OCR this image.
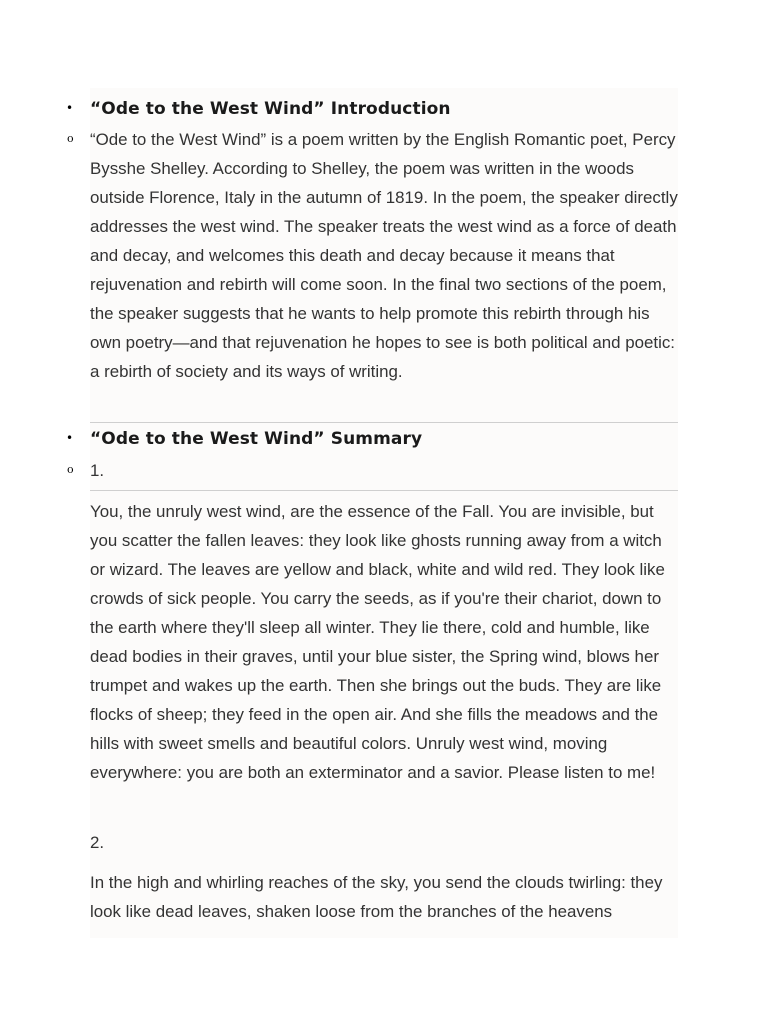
• “Ode to the West Wind” Introduction
o “Ode to the West Wind” is a poem written by the English Romantic poet, Percy Bysshe Shelley. According to Shelley, the poem was written in the woods outside Florence, Italy in the autumn of 1819. In the poem, the speaker directly addresses the west wind. The speaker treats the west wind as a force of death and decay, and welcomes this death and decay because it means that rejuvenation and rebirth will come soon. In the final two sections of the poem, the speaker suggests that he wants to help promote this rebirth through his own poetry—and that rejuvenation he hopes to see is both political and poetic: a rebirth of society and its ways of writing.

• “Ode to the West Wind” Summary
o 1.

You, the unruly west wind, are the essence of the Fall. You are invisible, but you scatter the fallen leaves: they look like ghosts running away from a witch or wizard. The leaves are yellow and black, white and wild red. They look like crowds of sick people. You carry the seeds, as if you're their chariot, down to the earth where they'll sleep all winter. They lie there, cold and humble, like dead bodies in their graves, until your blue sister, the Spring wind, blows her trumpet and wakes up the earth. Then she brings out the buds. They are like flocks of sheep; they feed in the open air. And she fills the meadows and the hills with sweet smells and beautiful colors. Unruly west wind, moving everywhere: you are both an exterminator and a savior. Please listen to me!

2.

In the high and whirling reaches of the sky, you send the clouds twirling: they look like dead leaves, shaken loose from the branches of the heavens
